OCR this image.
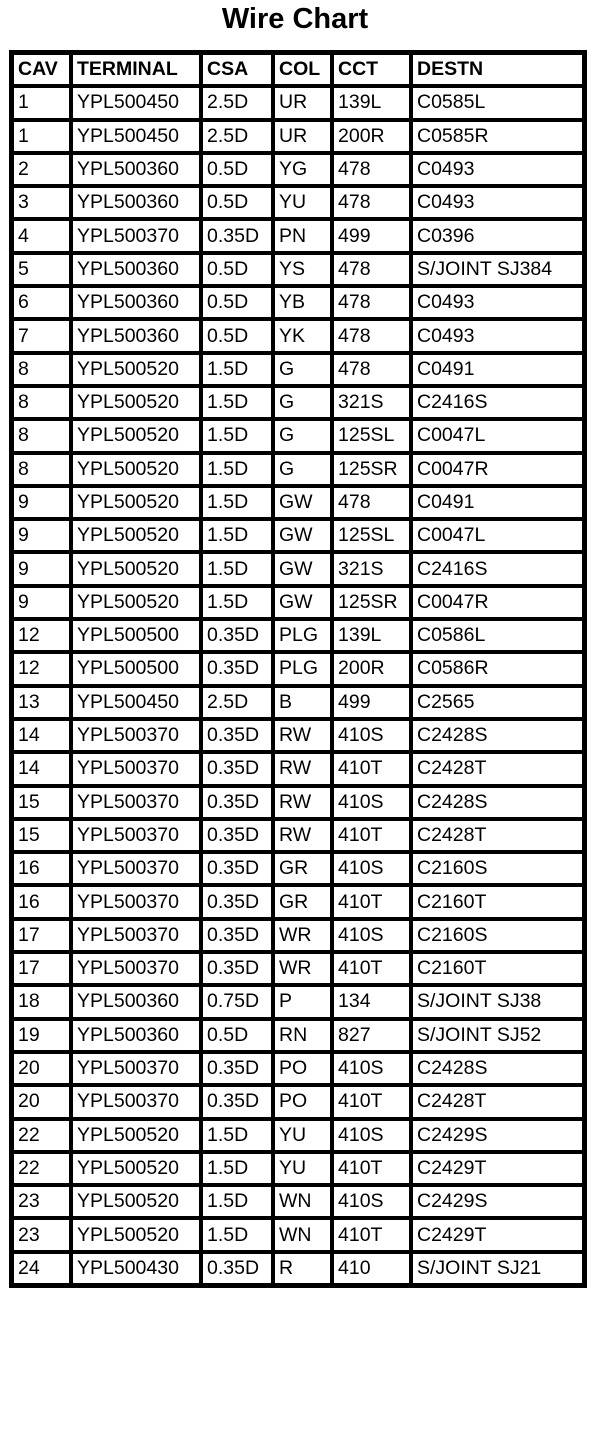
Wire Chart
CAV	TERMINAL	CSA	COL	CCT	DESTN
1	YPL500450	2.5D	UR	139L	C0585L
1	YPL500450	2.5D	UR	200R	C0585R
2	YPL500360	0.5D	YG	478	C0493
3	YPL500360	0.5D	YU	478	C0493
4	YPL500370	0.35D	PN	499	C0396
5	YPL500360	0.5D	YS	478	S/JOINT SJ384
6	YPL500360	0.5D	YB	478	C0493
7	YPL500360	0.5D	YK	478	C0493
8	YPL500520	1.5D	G	478	C0491
8	YPL500520	1.5D	G	321S	C2416S
8	YPL500520	1.5D	G	125SL	C0047L
8	YPL500520	1.5D	G	125SR	C0047R
9	YPL500520	1.5D	GW	478	C0491
9	YPL500520	1.5D	GW	125SL	C0047L
9	YPL500520	1.5D	GW	321S	C2416S
9	YPL500520	1.5D	GW	125SR	C0047R
12	YPL500500	0.35D	PLG	139L	C0586L
12	YPL500500	0.35D	PLG	200R	C0586R
13	YPL500450	2.5D	B	499	C2565
14	YPL500370	0.35D	RW	410S	C2428S
14	YPL500370	0.35D	RW	410T	C2428T
15	YPL500370	0.35D	RW	410S	C2428S
15	YPL500370	0.35D	RW	410T	C2428T
16	YPL500370	0.35D	GR	410S	C2160S
16	YPL500370	0.35D	GR	410T	C2160T
17	YPL500370	0.35D	WR	410S	C2160S
17	YPL500370	0.35D	WR	410T	C2160T
18	YPL500360	0.75D	P	134	S/JOINT SJ38
19	YPL500360	0.5D	RN	827	S/JOINT SJ52
20	YPL500370	0.35D	PO	410S	C2428S
20	YPL500370	0.35D	PO	410T	C2428T
22	YPL500520	1.5D	YU	410S	C2429S
22	YPL500520	1.5D	YU	410T	C2429T
23	YPL500520	1.5D	WN	410S	C2429S
23	YPL500520	1.5D	WN	410T	C2429T
24	YPL500430	0.35D	R	410	S/JOINT SJ21
